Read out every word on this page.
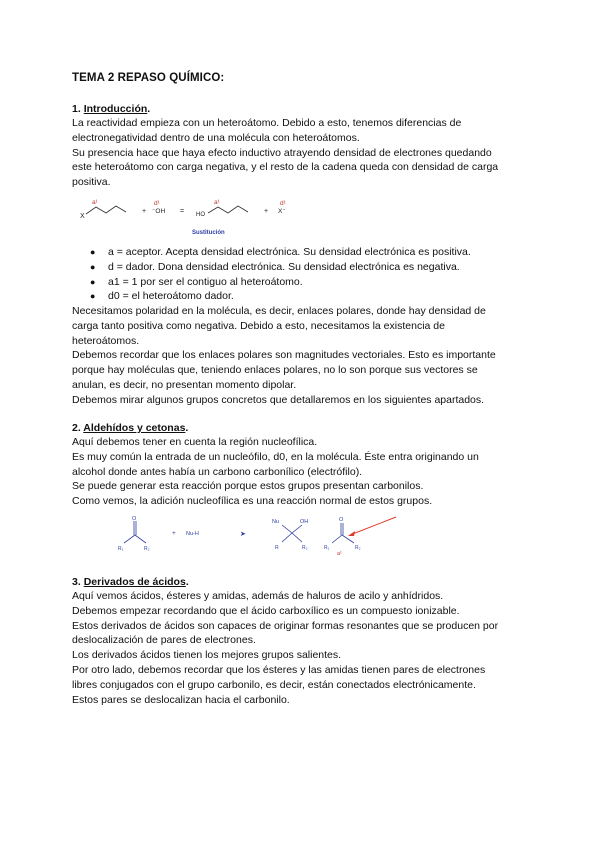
TEMA 2 REPASO QUÍMICO:
1. Introducción.
La reactividad empieza con un heteroátomo. Debido a esto, tenemos diferencias de
electronegatividad dentro de una molécula con heteroátomos.
Su presencia hace que haya efecto inductivo atrayendo densidad de electrones quedando
este heteroátomo con carga negativa, y el resto de la cadena queda con densidad de carga
positiva.
X
a¹
+ ⁻OH
d¹
= HO
a¹
+ X⁻
d¹
Sustitución
● a = aceptor. Acepta densidad electrónica. Su densidad electrónica es positiva.
● d = dador. Dona densidad electrónica. Su densidad electrónica es negativa.
● a1 = 1 por ser el contiguo al heteroátomo.
● d0 = el heteroátomo dador.
Necesitamos polaridad en la molécula, es decir, enlaces polares, donde hay densidad de
carga tanto positiva como negativa. Debido a esto, necesitamos la existencia de
heteroátomos.
Debemos recordar que los enlaces polares son magnitudes vectoriales. Esto es importante
porque hay moléculas que, teniendo enlaces polares, no lo son porque sus vectores se
anulan, es decir, no presentan momento dipolar.
Debemos mirar algunos grupos concretos que detallaremos en los siguientes apartados.
2. Aldehídos y cetonas.
Aquí debemos tener en cuenta la región nucleofílica.
Es muy común la entrada de un nucleófilo, d0, en la molécula. Éste entra originando un
alcohol donde antes había un carbono carbonílico (electrófilo).
Se puede generar esta reacción porque estos grupos presentan carbonilos.
Como vemos, la adición nucleofílica es una reacción normal de estos grupos.
O
R₁	R₂
+ Nu-H	➤
Nu	OH
R	R₂
O
a¹
R₁	R₂
3. Derivados de ácidos.
Aquí vemos ácidos, ésteres y amidas, además de haluros de acilo y anhídridos.
Debemos empezar recordando que el ácido carboxílico es un compuesto ionizable.
Estos derivados de ácidos son capaces de originar formas resonantes que se producen por
deslocalización de pares de electrones.
Los derivados ácidos tienen los mejores grupos salientes.
Por otro lado, debemos recordar que los ésteres y las amidas tienen pares de electrones
libres conjugados con el grupo carbonilo, es decir, están conectados electrónicamente.
Estos pares se deslocalizan hacia el carbonilo.
